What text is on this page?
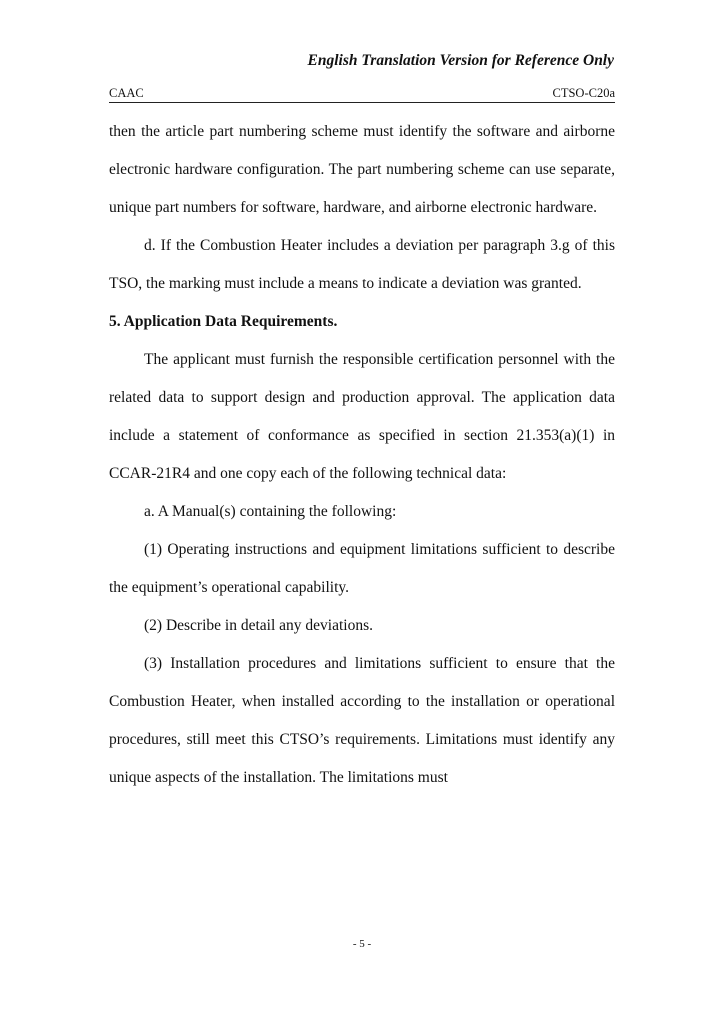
English Translation Version for Reference Only
CAAC	CTSO-C20a

then the article part numbering scheme must identify the software and airborne electronic hardware configuration. The part numbering scheme can use separate, unique part numbers for software, hardware, and airborne electronic hardware.

d. If the Combustion Heater includes a deviation per paragraph 3.g of this TSO, the marking must include a means to indicate a deviation was granted.

5. Application Data Requirements.

The applicant must furnish the responsible certification personnel with the related data to support design and production approval. The application data include a statement of conformance as specified in section 21.353(a)(1) in CCAR-21R4 and one copy each of the following technical data:

a. A Manual(s) containing the following:

(1) Operating instructions and equipment limitations sufficient to describe the equipment’s operational capability.

(2) Describe in detail any deviations.

(3) Installation procedures and limitations sufficient to ensure that the Combustion Heater, when installed according to the installation or operational procedures, still meet this CTSO’s requirements. Limitations must identify any unique aspects of the installation. The limitations must

- 5 -
